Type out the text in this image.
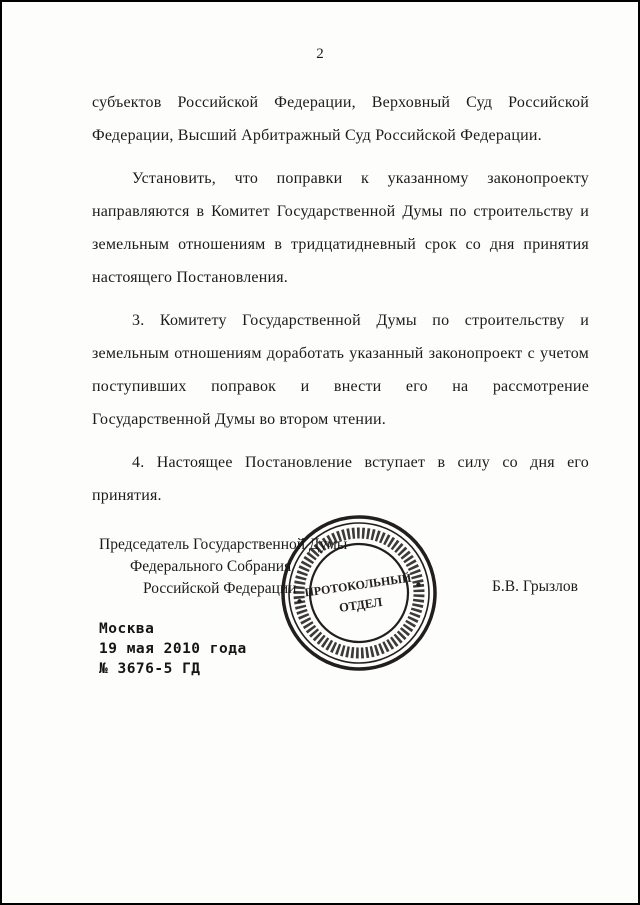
2

субъектов Российской Федерации, Верховный Суд Российской Федерации, Высший Арбитражный Суд Российской Федерации.

Установить, что поправки к указанному законопроекту направляются в Комитет Государственной Думы по строительству и земельным отношениям в тридцатидневный срок со дня принятия настоящего Постановления.

3. Комитету Государственной Думы по строительству и земельным отношениям доработать указанный законопроект с учетом поступивших поправок и внести его на рассмотрение Государственной Думы во втором чтении.

4. Настоящее Постановление вступает в силу со дня его принятия.

Председатель Государственной Думы
Федерального Собрания
Российской Федерации	Б.В. Грызлов
ПРОТОКОЛЬНЫЙ
ОТДЕЛ
Москва
19 мая 2010 года
№ 3676-5 ГД
